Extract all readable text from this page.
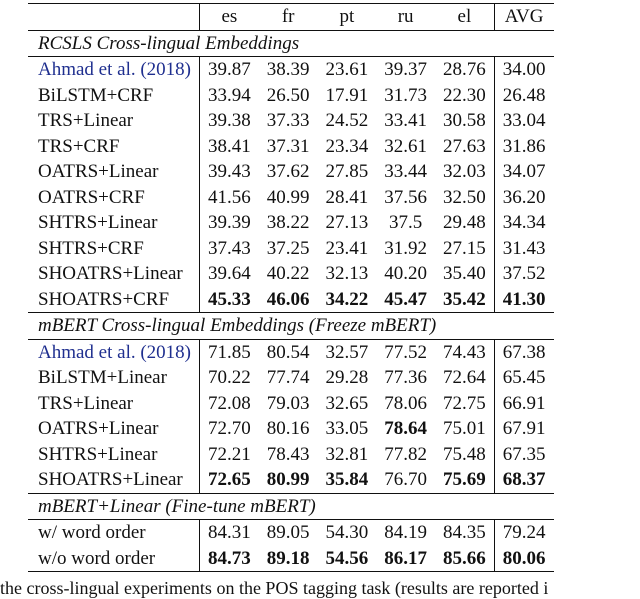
	es	fr	pt	ru	el	AVG
RCSLS Cross-lingual Embeddings						
Ahmad et al. (2018)	39.87	38.39	23.61	39.37	28.76	34.00
BiLSTM+CRF	33.94	26.50	17.91	31.73	22.30	26.48
TRS+Linear	39.38	37.33	24.52	33.41	30.58	33.04
TRS+CRF	38.41	37.31	23.34	32.61	27.63	31.86
OATRS+Linear	39.43	37.62	27.85	33.44	32.03	34.07
OATRS+CRF	41.56	40.99	28.41	37.56	32.50	36.20
SHTRS+Linear	39.39	38.22	27.13	37.5	29.48	34.34
SHTRS+CRF	37.43	37.25	23.41	31.92	27.15	31.43
SHOATRS+Linear	39.64	40.22	32.13	40.20	35.40	37.52
SHOATRS+CRF	45.33	46.06	34.22	45.47	35.42	41.30
mBERT Cross-lingual Embeddings (Freeze mBERT)						
Ahmad et al. (2018)	71.85	80.54	32.57	77.52	74.43	67.38
BiLSTM+Linear	70.22	77.74	29.28	77.36	72.64	65.45
TRS+Linear	72.08	79.03	32.65	78.06	72.75	66.91
OATRS+Linear	72.70	80.16	33.05	78.64	75.01	67.91
SHTRS+Linear	72.21	78.43	32.81	77.82	75.48	67.35
SHOATRS+Linear	72.65	80.99	35.84	76.70	75.69	68.37
mBERT+Linear (Fine-tune mBERT)						
w/ word order	84.31	89.05	54.30	84.19	84.35	79.24
w/o word order	84.73	89.18	54.56	86.17	85.66	80.06
the cross-lingual experiments on the POS tagging task (results are reported i
